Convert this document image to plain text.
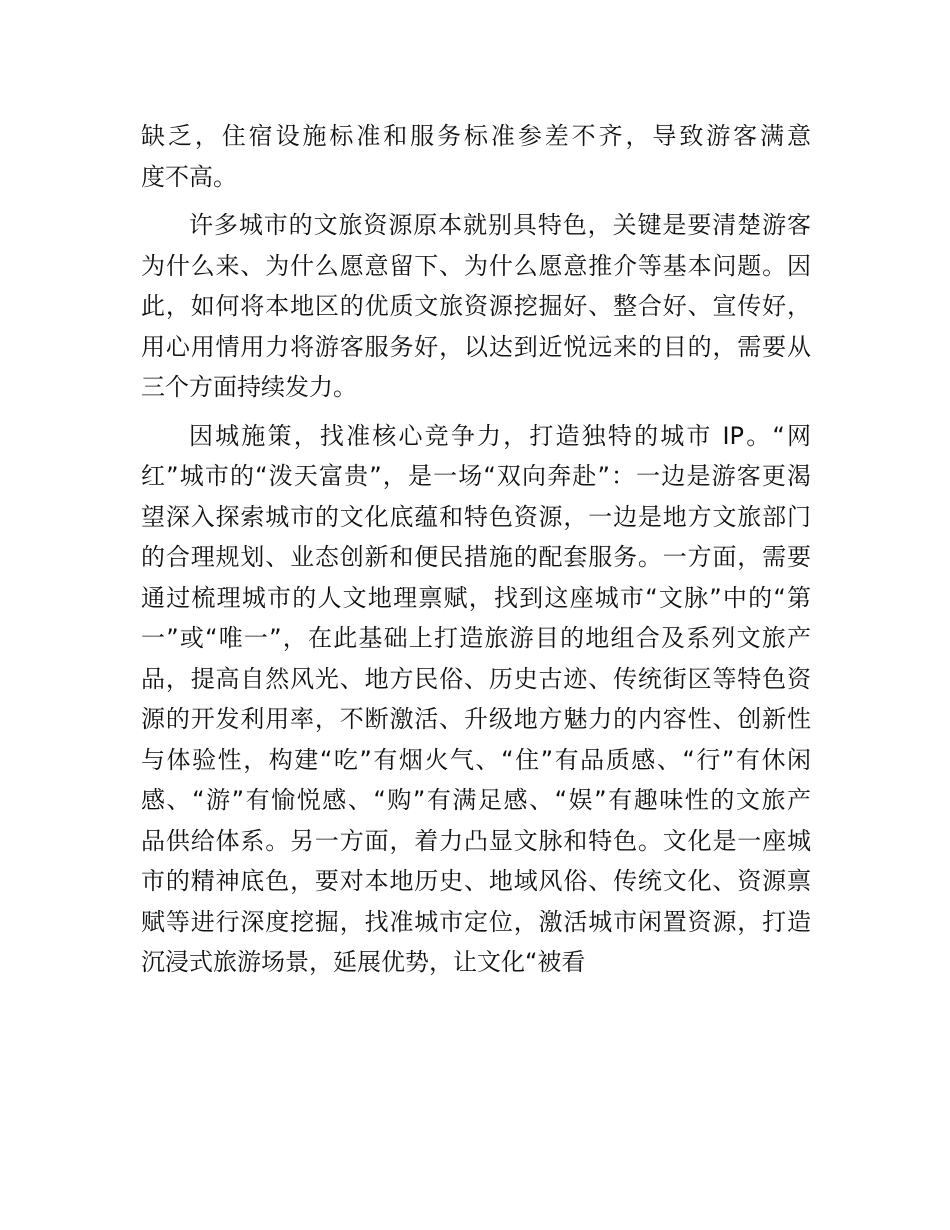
缺乏，住宿设施标准和服务标准参差不齐，导致游客满意
度不高。

许多城市的文旅资源原本就别具特色，关键是要清楚游客
为什么来、为什么愿意留下、为什么愿意推介等基本问题。因
此，如何将本地区的优质文旅资源挖掘好、整合好、宣传好，
用心用情用力将游客服务好，以达到近悦远来的目的，需要从
三个方面持续发力。

因城施策，找准核心竞争力，打造独特的城市 IP。“网
红”城市的“泼天富贵”，是一场“双向奔赴”：一边是游客更渴
望深入探索城市的文化底蕴和特色资源，一边是地方文旅部门
的合理规划、业态创新和便民措施的配套服务。一方面，需要
通过梳理城市的人文地理禀赋，找到这座城市“文脉”中的“第
一”或“唯一”，在此基础上打造旅游目的地组合及系列文旅产
品，提高自然风光、地方民俗、历史古迹、传统街区等特色资
源的开发利用率，不断激活、升级地方魅力的内容性、创新性
与体验性，构建“吃”有烟火气、“住”有品质感、“行”有休闲
感、“游”有愉悦感、“购”有满足感、“娱”有趣味性的文旅产
品供给体系。另一方面，着力凸显文脉和特色。文化是一座城
市的精神底色，要对本地历史、地域风俗、传统文化、资源禀
赋等进行深度挖掘，找准城市定位，激活城市闲置资源，打造
沉浸式旅游场景，延展优势，让文化“被看
